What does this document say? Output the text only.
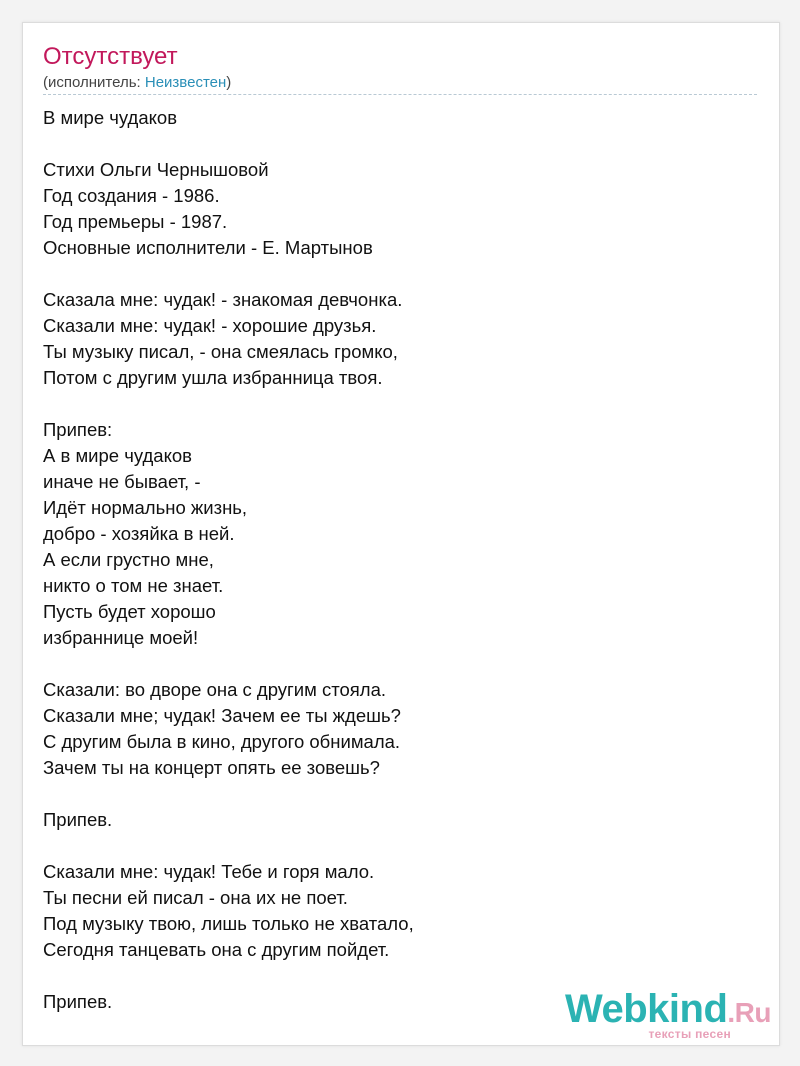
Отсутствует
(исполнитель: Неизвестен)
В мире чудаков
Стихи Ольги Чернышовой
Год создания - 1986.
Год премьеры - 1987.
Основные исполнители - Е. Мартынов
Сказала мне: чудак! - знакомая девчонка.
Сказали мне: чудак! - хорошие друзья.
Ты музыку писал, - она смеялась громко,
Потом с другим ушла избранница твоя.
Припев:
А в мире чудаков
иначе не бывает, -
Идёт нормально жизнь,
добро - хозяйка в ней.
А если грустно мне,
никто о том не знает.
Пусть будет хорошо
избраннице моей!
Сказали: во дворе она с другим стояла.
Сказали мне; чудак! Зачем ее ты ждешь?
С другим была в кино, другого обнимала.
Зачем ты на концерт опять ее зовешь?
Припев.
Сказали мне: чудак! Тебе и горя мало.
Ты песни ей писал - она их не поет.
Под музыку твою, лишь только не хватало,
Сегодня танцевать она с другим пойдет.
Припев.	Webkind.Ru
тексты песен
